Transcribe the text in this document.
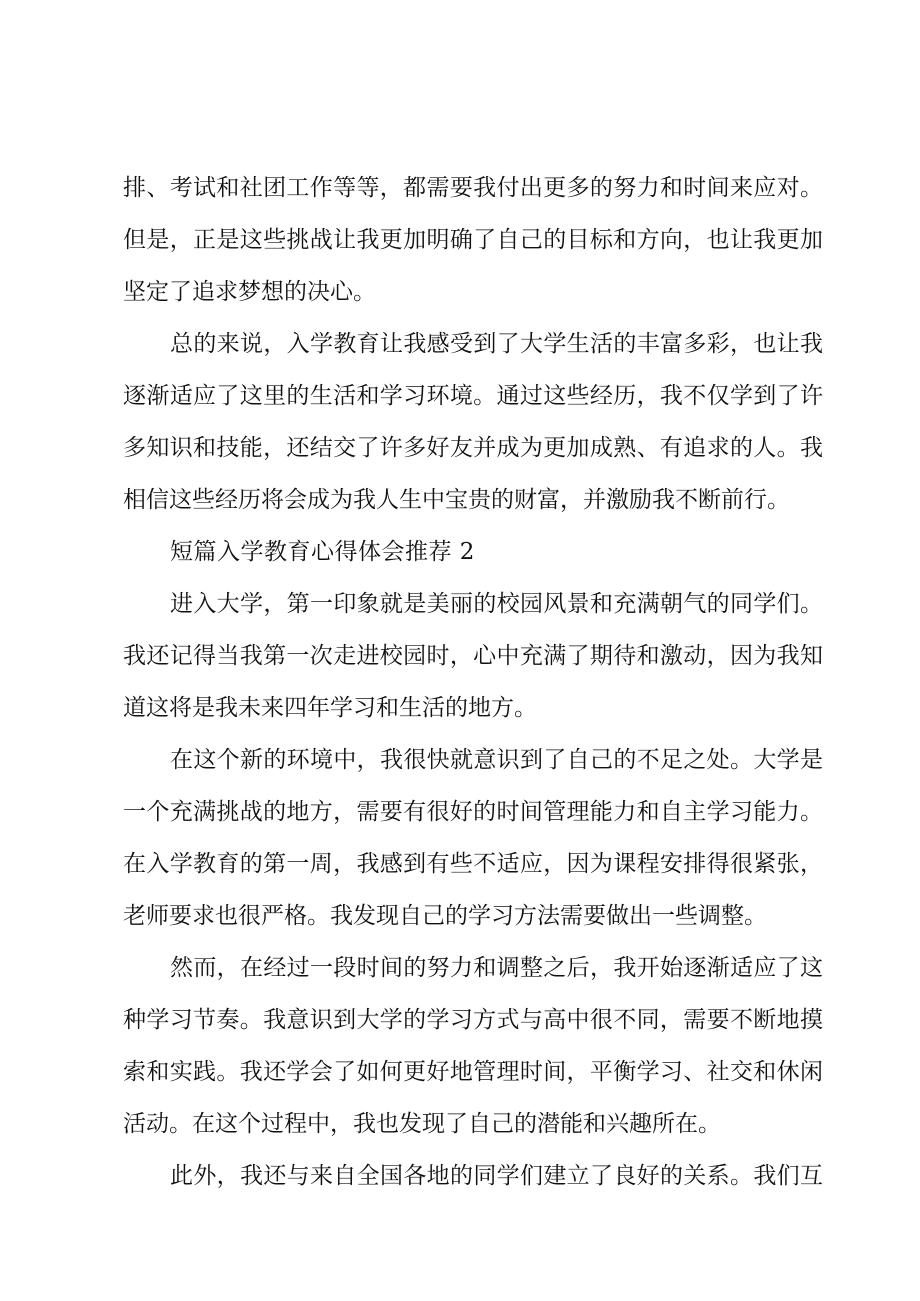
排、考试和社团工作等等，都需要我付出更多的努力和时间来应对。
但是，正是这些挑战让我更加明确了自己的目标和方向，也让我更加
坚定了追求梦想的决心。
总的来说，入学教育让我感受到了大学生活的丰富多彩，也让我
逐渐适应了这里的生活和学习环境。通过这些经历，我不仅学到了许
多知识和技能，还结交了许多好友并成为更加成熟、有追求的人。我
相信这些经历将会成为我人生中宝贵的财富，并激励我不断前行。
短篇入学教育心得体会推荐 2
进入大学，第一印象就是美丽的校园风景和充满朝气的同学们。
我还记得当我第一次走进校园时，心中充满了期待和激动，因为我知
道这将是我未来四年学习和生活的地方。
在这个新的环境中，我很快就意识到了自己的不足之处。大学是
一个充满挑战的地方，需要有很好的时间管理能力和自主学习能力。
在入学教育的第一周，我感到有些不适应，因为课程安排得很紧张，
老师要求也很严格。我发现自己的学习方法需要做出一些调整。
然而，在经过一段时间的努力和调整之后，我开始逐渐适应了这
种学习节奏。我意识到大学的学习方式与高中很不同，需要不断地摸
索和实践。我还学会了如何更好地管理时间，平衡学习、社交和休闲
活动。在这个过程中，我也发现了自己的潜能和兴趣所在。
此外，我还与来自全国各地的同学们建立了良好的关系。我们互
